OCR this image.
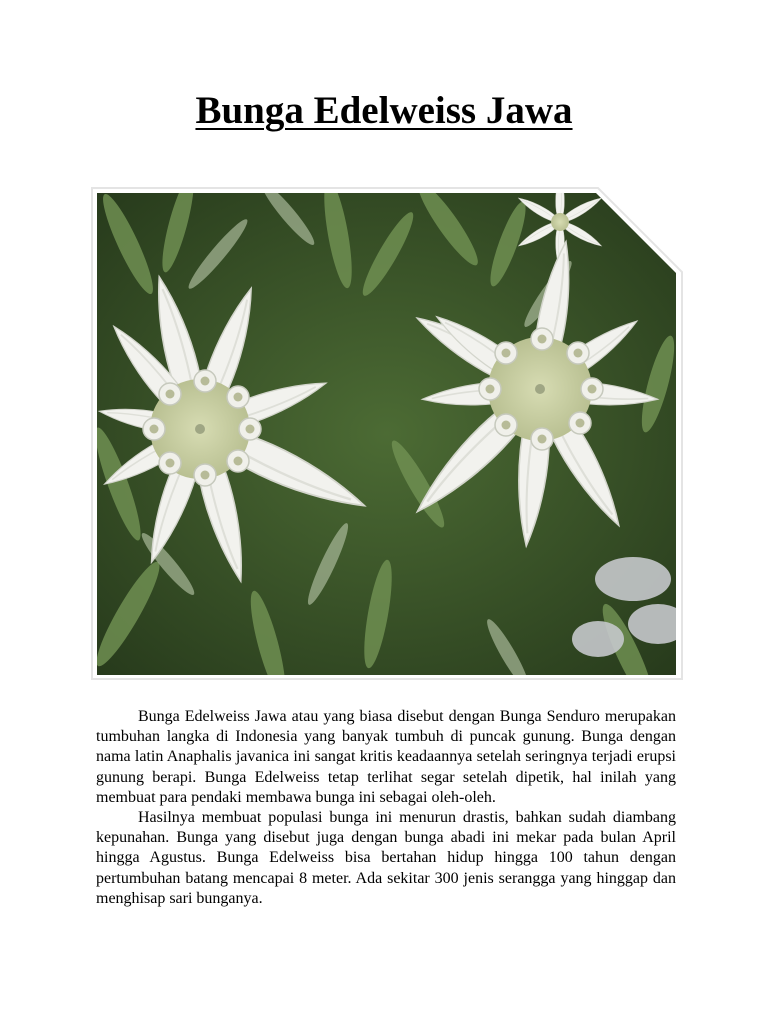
Bunga Edelweiss Jawa

Bunga Edelweiss Jawa atau yang biasa disebut dengan Bunga Senduro merupakan tumbuhan langka di Indonesia yang banyak tumbuh di puncak gunung. Bunga dengan nama latin Anaphalis javanica ini sangat kritis keadaannya setelah seringnya terjadi erupsi gunung berapi. Bunga Edelweiss tetap terlihat segar setelah dipetik, hal inilah yang membuat para pendaki membawa bunga ini sebagai oleh-oleh.

Hasilnya membuat populasi bunga ini menurun drastis, bahkan sudah diambang kepunahan. Bunga yang disebut juga dengan bunga abadi ini mekar pada bulan April hingga Agustus. Bunga Edelweiss bisa bertahan hidup hingga 100 tahun dengan pertumbuhan batang mencapai 8 meter. Ada sekitar 300 jenis serangga yang hinggap dan menghisap sari bunganya.
